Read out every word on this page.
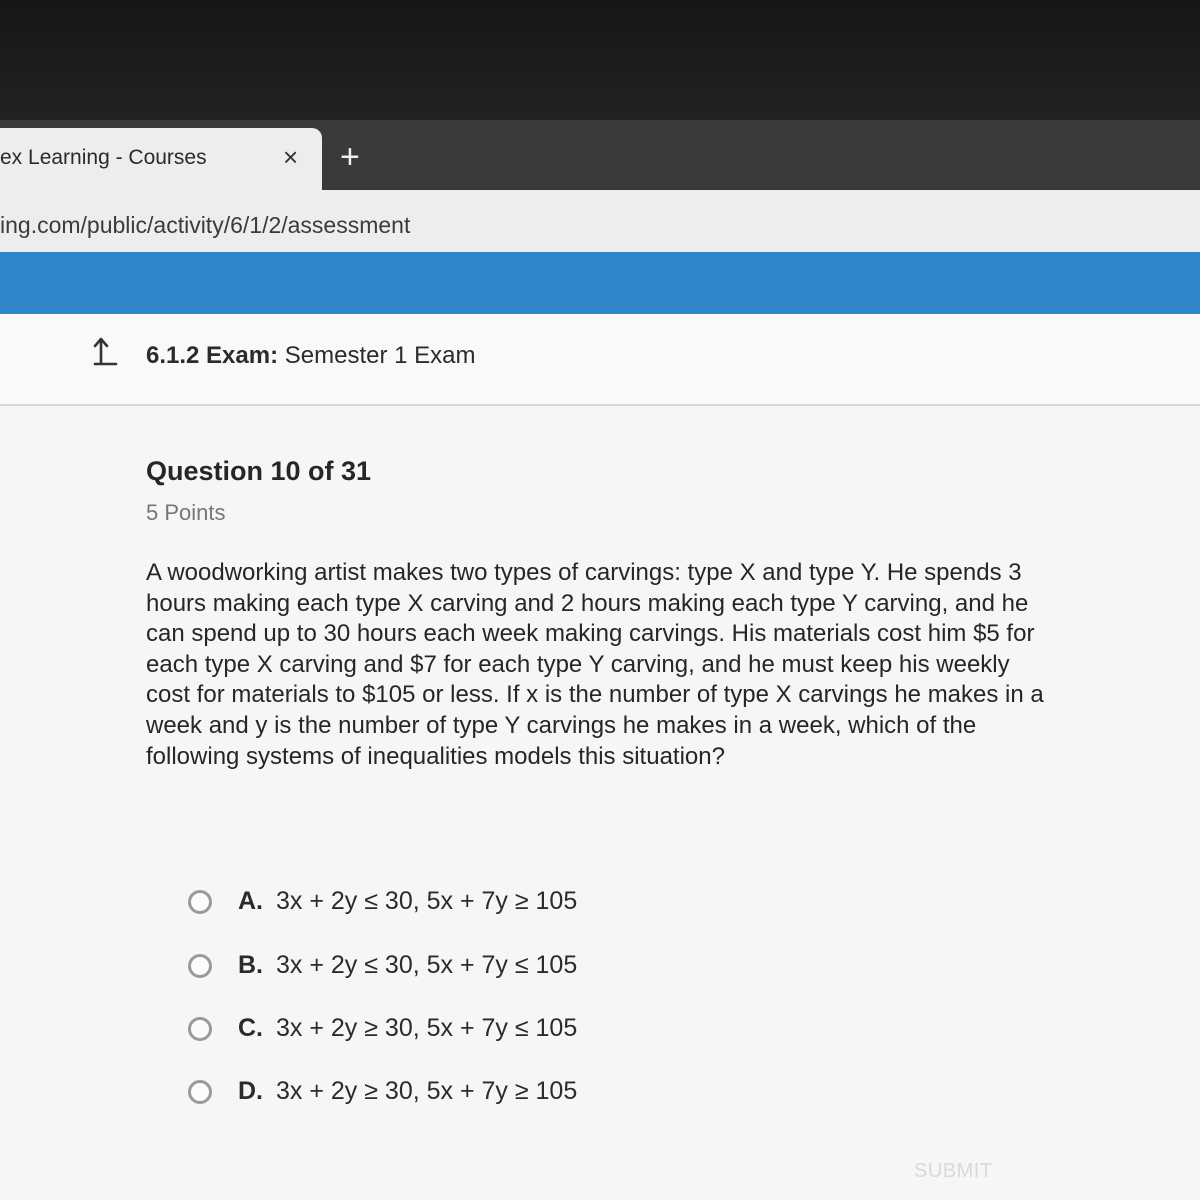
ex Learning - Courses	× +
ing.com/public/activity/6/1/2/assessment
6.1.2 Exam: Semester 1 Exam
Question 10 of 31
5 Points
A woodworking artist makes two types of carvings: type X and type Y. He spends 3 hours making each type X carving and 2 hours making each type Y carving, and he can spend up to 30 hours each week making carvings. His materials cost him $5 for each type X carving and $7 for each type Y carving, and he must keep his weekly cost for materials to $105 or less. If x is the number of type X carvings he makes in a week and y is the number of type Y carvings he makes in a week, which of the following systems of inequalities models this situation?
A. 3x + 2y ≤ 30, 5x + 7y ≥ 105
B. 3x + 2y ≤ 30, 5x + 7y ≤ 105
C. 3x + 2y ≥ 30, 5x + 7y ≤ 105
D. 3x + 2y ≥ 30, 5x + 7y ≥ 105
SUBMIT
